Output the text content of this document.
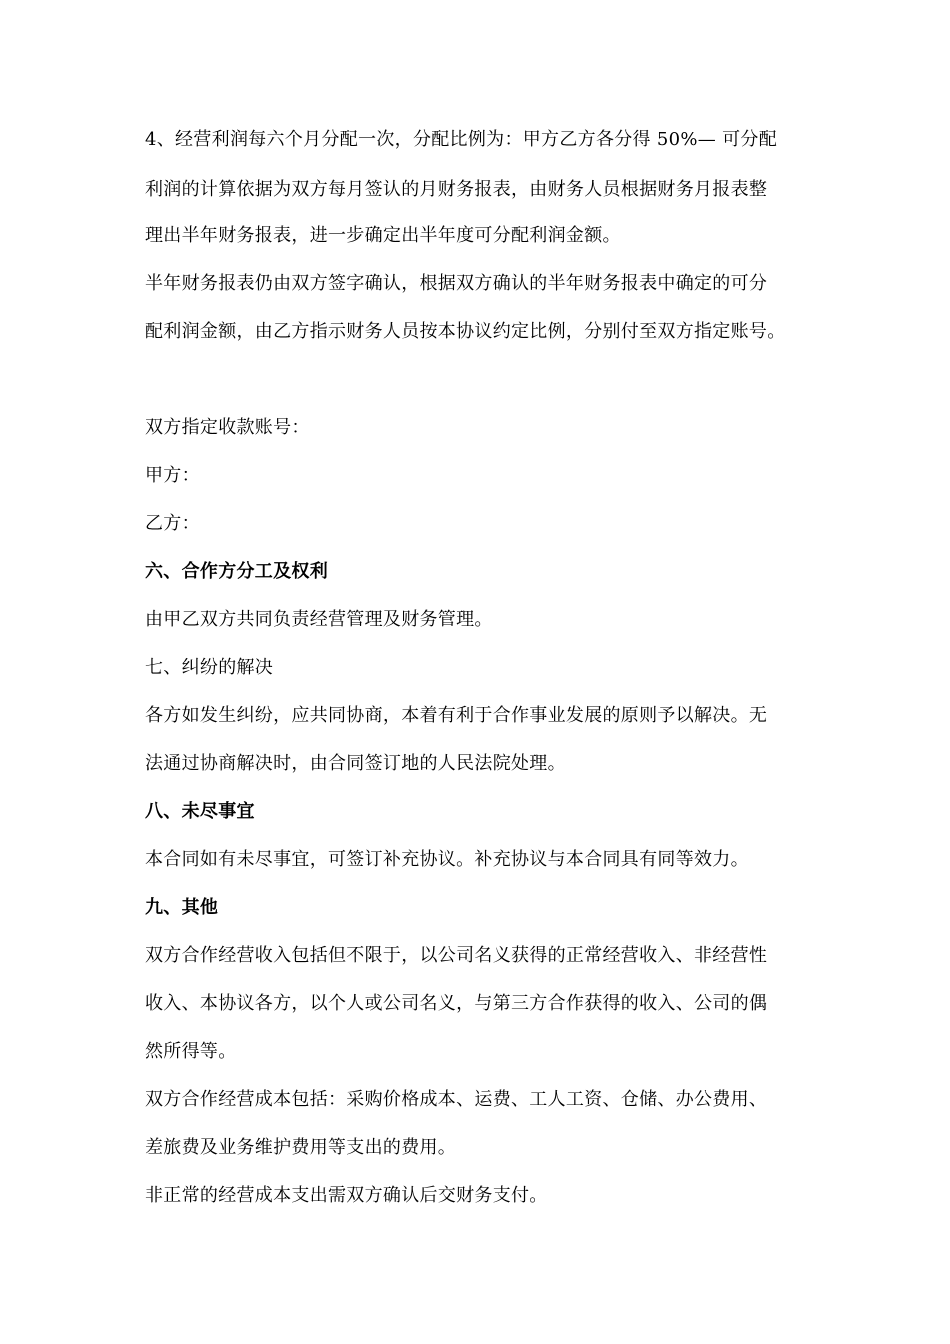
4、经营利润每六个月分配一次，分配比例为：甲方乙方各分得 50%— 可分配
利润的计算依据为双方每月签认的月财务报表，由财务人员根据财务月报表整
理出半年财务报表，进一步确定出半年度可分配利润金额。
半年财务报表仍由双方签字确认，根据双方确认的半年财务报表中确定的可分
配利润金额，由乙方指示财务人员按本协议约定比例，分别付至双方指定账号。
双方指定收款账号：
甲方：
乙方：
六、合作方分工及权利
由甲乙双方共同负责经营管理及财务管理。
七、纠纷的解决
各方如发生纠纷，应共同协商，本着有利于合作事业发展的原则予以解决。无
法通过协商解决时，由合同签订地的人民法院处理。
八、未尽事宜
本合同如有未尽事宜，可签订补充协议。补充协议与本合同具有同等效力。
九、其他
双方合作经营收入包括但不限于，以公司名义获得的正常经营收入、非经营性
收入、本协议各方，以个人或公司名义，与第三方合作获得的收入、公司的偶
然所得等。
双方合作经营成本包括：采购价格成本、运费、工人工资、仓储、办公费用、
差旅费及业务维护费用等支出的费用。
非正常的经营成本支出需双方确认后交财务支付。
